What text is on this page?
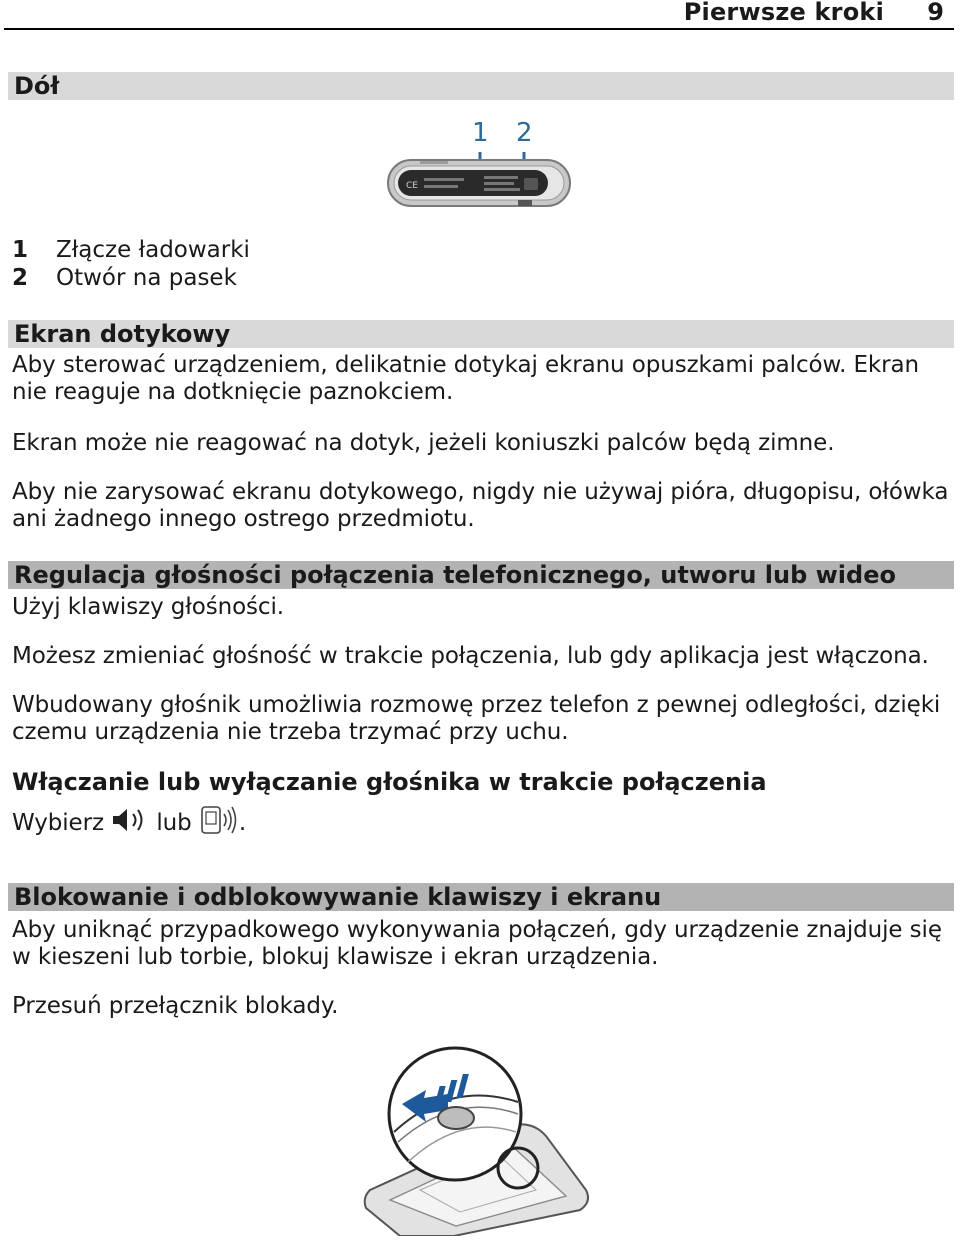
Pierwsze kroki 9
Dół
1 2
CE
1	Złącze ładowarki
2	Otwór na pasek
Ekran dotykowy

Aby sterować urządzeniem, delikatnie dotykaj ekranu opuszkami palców. Ekran nie reaguje na dotknięcie paznokciem.

Ekran może nie reagować na dotyk, jeżeli koniuszki palców będą zimne.

Aby nie zarysować ekranu dotykowego, nigdy nie używaj pióra, długopisu, ołówka ani żadnego innego ostrego przedmiotu.

Regulacja głośności połączenia telefonicznego, utworu lub wideo

Użyj klawiszy głośności.

Możesz zmieniać głośność w trakcie połączenia, lub gdy aplikacja jest włączona.

Wbudowany głośnik umożliwia rozmowę przez telefon z pewnej odległości, dzięki czemu urządzenia nie trzeba trzymać przy uchu.

Włączanie lub wyłączanie głośnika w trakcie połączenia

Wybierz lub .

Blokowanie i odblokowywanie klawiszy i ekranu

Aby uniknąć przypadkowego wykonywania połączeń, gdy urządzenie znajduje się w kieszeni lub torbie, blokuj klawisze i ekran urządzenia.

Przesuń przełącznik blokady.
